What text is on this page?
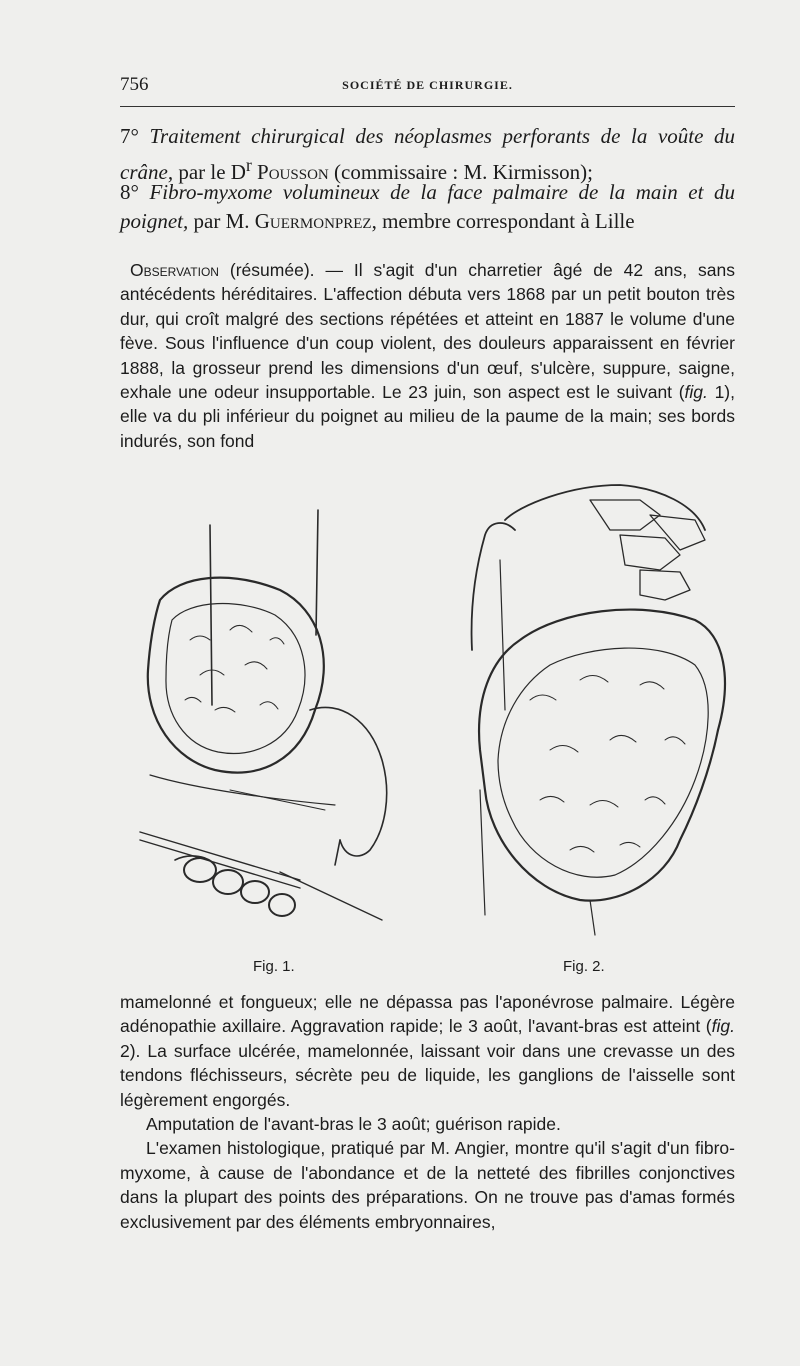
756	SOCIÉTÉ DE CHIRURGIE.

7° Traitement chirurgical des néoplasmes perforants de la voûte du crâne, par le $D^r$ Pousson (commissaire : M. Kirmisson);

8° Fibro-myxome volumineux de la face palmaire de la main et du poignet, par M. Guermonprez, membre correspondant à Lille

Observation (résumée). — Il s'agit d'un charretier âgé de 42 ans, sans antécédents héréditaires. L'affection débuta vers 1868 par un petit bouton très dur, qui croît malgré des sections répétées et atteint en 1887 le volume d'une fève. Sous l'influence d'un coup violent, des douleurs apparaissent en février 1888, la grosseur prend les dimensions d'un œuf, s'ulcère, suppure, saigne, exhale une odeur insupportable. Le 23 juin, son aspect est le suivant (fig. 1), elle va du pli inférieur du poignet au milieu de la paume de la main; ses bords indurés, son fond

Fig. 1.	Fig. 2.
mamelonné et fongueux; elle ne dépassa pas l'aponévrose palmaire. Légère adénopathie axillaire. Aggravation rapide; le 3 août, l'avant-bras est atteint (fig. 2). La surface ulcérée, mamelonnée, laissant voir dans une crevasse un des tendons fléchisseurs, sécrète peu de liquide, les ganglions de l'aisselle sont légèrement engorgés.
Amputation de l'avant-bras le 3 août; guérison rapide.
L'examen histologique, pratiqué par M. Angier, montre qu'il s'agit d'un fibro-myxome, à cause de l'abondance et de la netteté des fibrilles conjonctives dans la plupart des points des préparations. On ne trouve pas d'amas formés exclusivement par des éléments embryonnaires,
